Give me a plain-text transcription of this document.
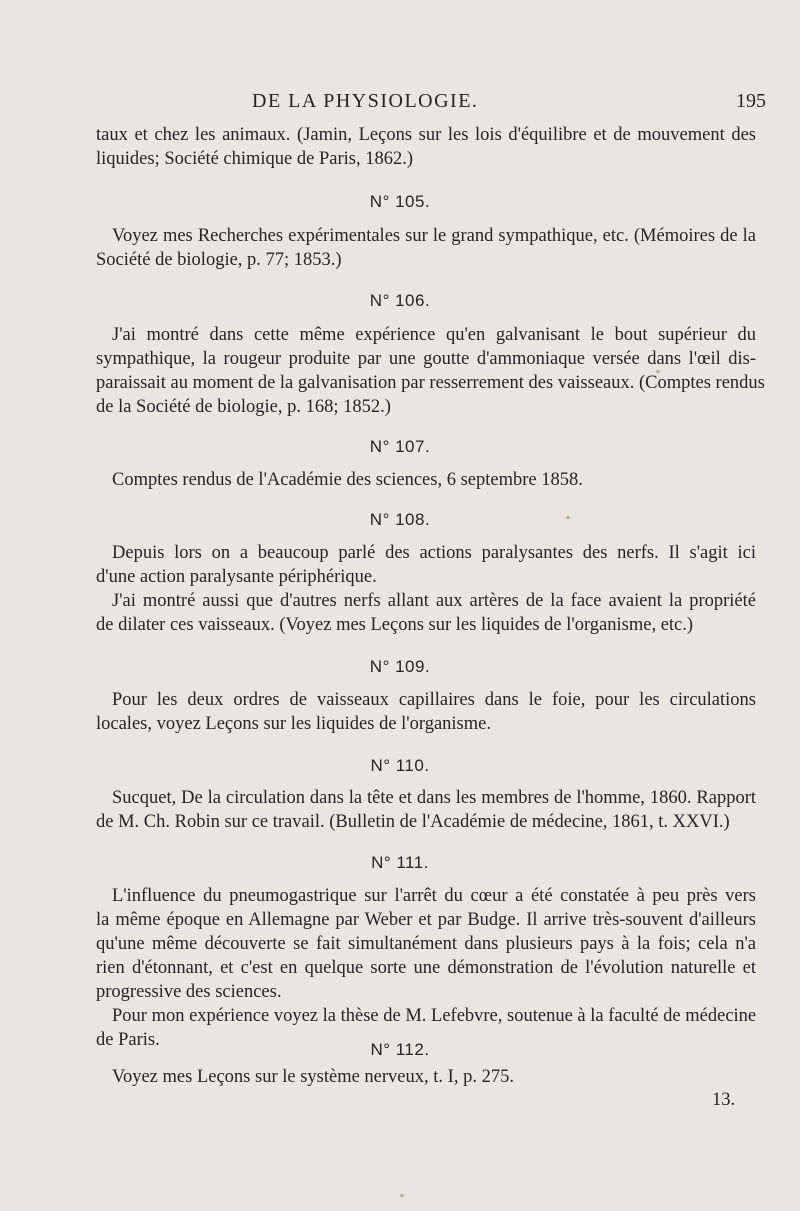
DE LA PHYSIOLOGIE.	195
taux et chez les animaux. (Jamin, Leçons sur les lois d'équilibre et de mouvement des
liquides; Société chimique de Paris, 1862.)
N° 105.
Voyez mes Recherches expérimentales sur le grand sympathique, etc. (Mémoires de la
Société de biologie, p. 77; 1853.)
N° 106.
J'ai montré dans cette même expérience qu'en galvanisant le bout supérieur du
sympathique, la rougeur produite par une goutte d'ammoniaque versée dans l'œil dis-
paraissait au moment de la galvanisation par resserrement des vaisseaux. (Comptes rendus
de la Société de biologie, p. 168; 1852.)
N° 107.
Comptes rendus de l'Académie des sciences, 6 septembre 1858.
N° 108.
Depuis lors on a beaucoup parlé des actions paralysantes des nerfs. Il s'agit ici
d'une action paralysante périphérique.
J'ai montré aussi que d'autres nerfs allant aux artères de la face avaient la propriété
de dilater ces vaisseaux. (Voyez mes Leçons sur les liquides de l'organisme, etc.)
N° 109.
Pour les deux ordres de vaisseaux capillaires dans le foie, pour les circulations
locales, voyez Leçons sur les liquides de l'organisme.
N° 110.
Sucquet, De la circulation dans la tête et dans les membres de l'homme, 1860. Rapport
de M. Ch. Robin sur ce travail. (Bulletin de l'Académie de médecine, 1861, t. XXVI.)
N° 111.
L'influence du pneumogastrique sur l'arrêt du cœur a été constatée à peu près vers
la même époque en Allemagne par Weber et par Budge. Il arrive très-souvent d'ailleurs
qu'une même découverte se fait simultanément dans plusieurs pays à la fois; cela n'a
rien d'étonnant, et c'est en quelque sorte une démonstration de l'évolution naturelle et
progressive des sciences.
Pour mon expérience voyez la thèse de M. Lefebvre, soutenue à la faculté de médecine
de Paris.	N° 112.
Voyez mes Leçons sur le système nerveux, t. I, p. 275.
13.
